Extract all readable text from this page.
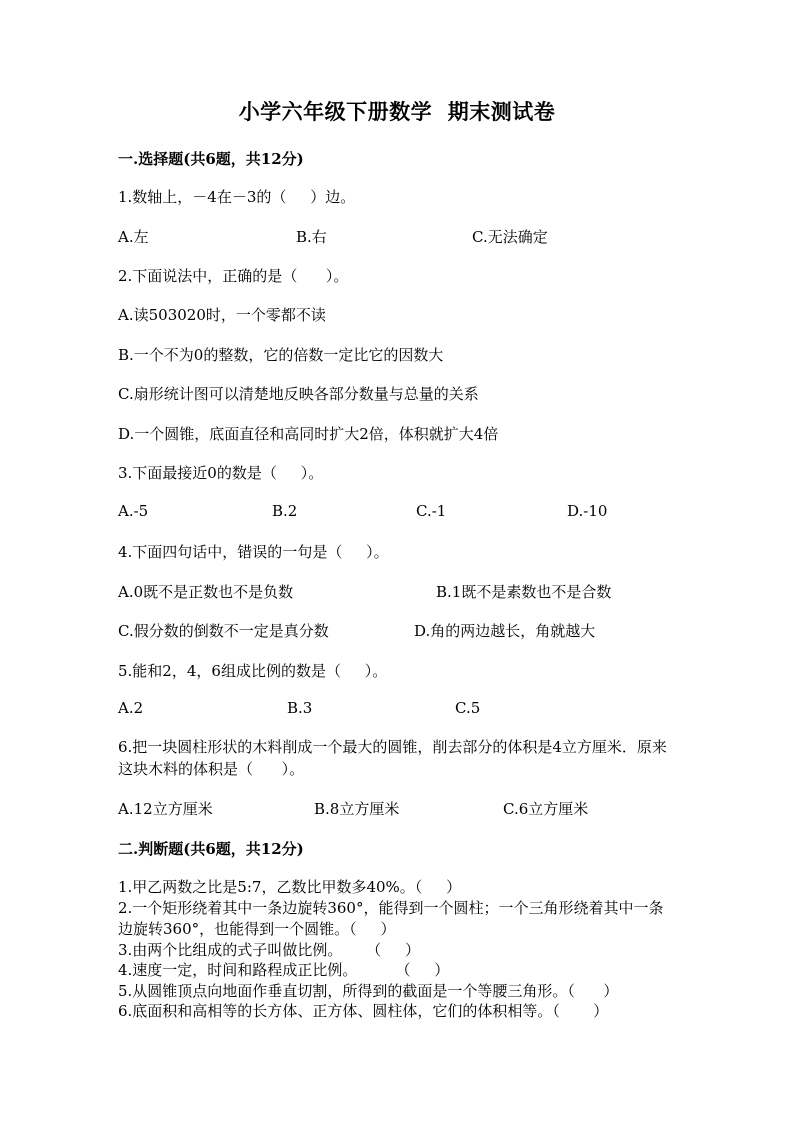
小学六年级下册数学  期末测试卷
一.选择题(共6题，共12分)
1.数轴上，－4在－3的（     ）边。
A.左	B.右	C.无法确定
2.下面说法中，正确的是（      ）。
A.读503020时，一个零都不读
B.一个不为0的整数，它的倍数一定比它的因数大
C.扇形统计图可以清楚地反映各部分数量与总量的关系
D.一个圆锥，底面直径和高同时扩大2倍，体积就扩大4倍
3.下面最接近0的数是（     ）。
A.-5	B.2	C.-1	D.-10
4.下面四句话中，错误的一句是（     ）。
A.0既不是正数也不是负数	B.1既不是素数也不是合数
C.假分数的倒数不一定是真分数	D.角的两边越长，角就越大
5.能和2，4，6组成比例的数是（     ）。
A.2	B.3	C.5
6.把一块圆柱形状的木料削成一个最大的圆锥，削去部分的体积是4立方厘米．原来这块木料的体积是（      ）。
A.12立方厘米	B.8立方厘米	C.6立方厘米
二.判断题(共6题，共12分)
1.甲乙两数之比是5:7，乙数比甲数多40%。（     ）
2.一个矩形绕着其中一条边旋转360°，能得到一个圆柱；一个三角形绕着其中一条边旋转360°，也能得到一个圆锥。（     ）
3.由两个比组成的式子叫做比例。     （     ）
4.速度一定，时间和路程成正比例。        （     ）
5.从圆锥顶点向地面作垂直切割，所得到的截面是一个等腰三角形。（      ）
6.底面积和高相等的长方体、正方体、圆柱体，它们的体积相等。（       ）
